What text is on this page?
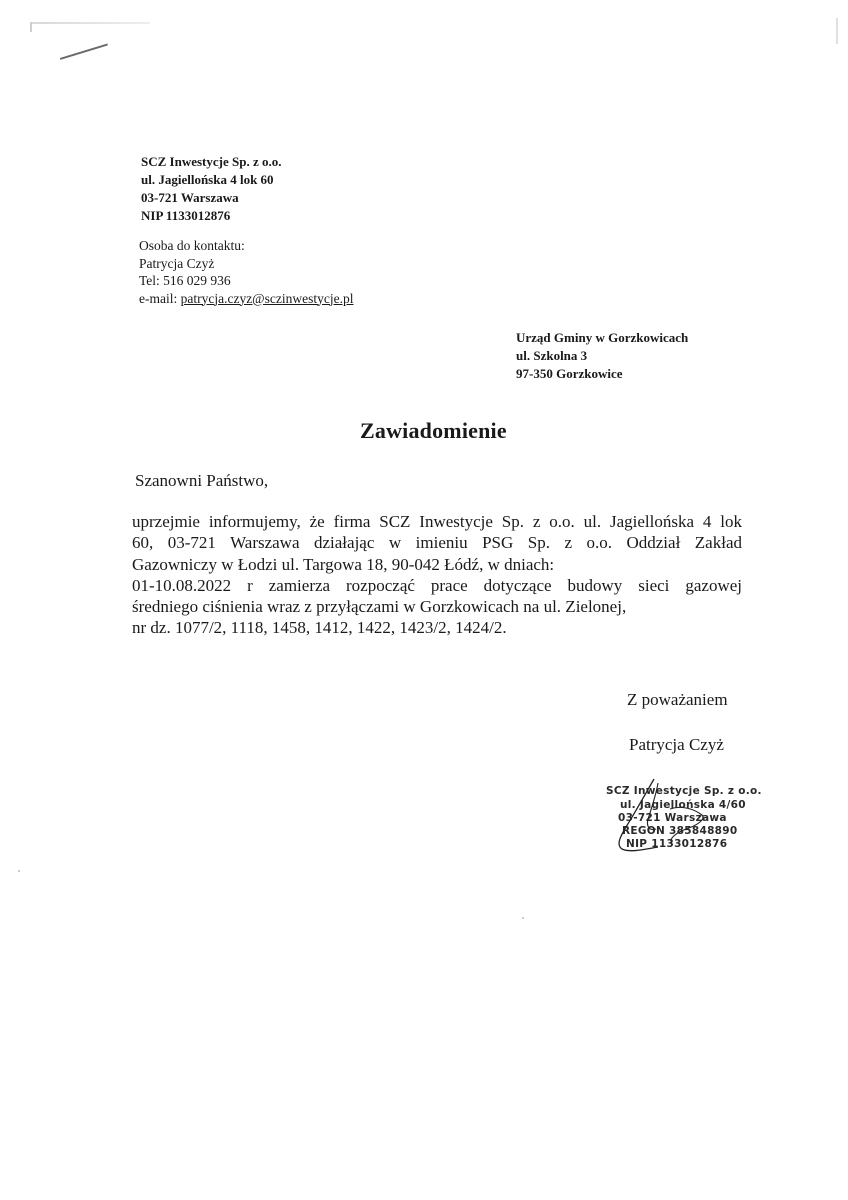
SCZ Inwestycje Sp. z o.o.
ul. Jagiellońska 4 lok 60
03-721 Warszawa
NIP 1133012876
Osoba do kontaktu:
Patrycja Czyż
Tel: 516 029 936
e-mail: patrycja.czyz@sczinwestycje.pl
Urząd Gminy w Gorzkowicach
ul. Szkolna 3
97-350 Gorzkowice
Zawiadomienie
Szanowni Państwo,
uprzejmie informujemy, że firma SCZ Inwestycje Sp. z o.o. ul. Jagiellońska 4 lok
60, 03-721 Warszawa działając w imieniu PSG Sp. z o.o. Oddział Zakład
Gazowniczy w Łodzi ul. Targowa 18, 90-042 Łódź, w dniach:
01-10.08.2022 r zamierza rozpocząć prace dotyczące budowy sieci gazowej
średniego ciśnienia wraz z przyłączami w Gorzkowicach na ul. Zielonej,
nr dz. 1077/2, 1118, 1458, 1412, 1422, 1423/2, 1424/2.
Z poważaniem
Patrycja Czyż
SCZ Inwestycje Sp. z o.o.
ul. Jagiellońska 4/60
03-721 Warszawa
REGON 385848890
NIP 1133012876
